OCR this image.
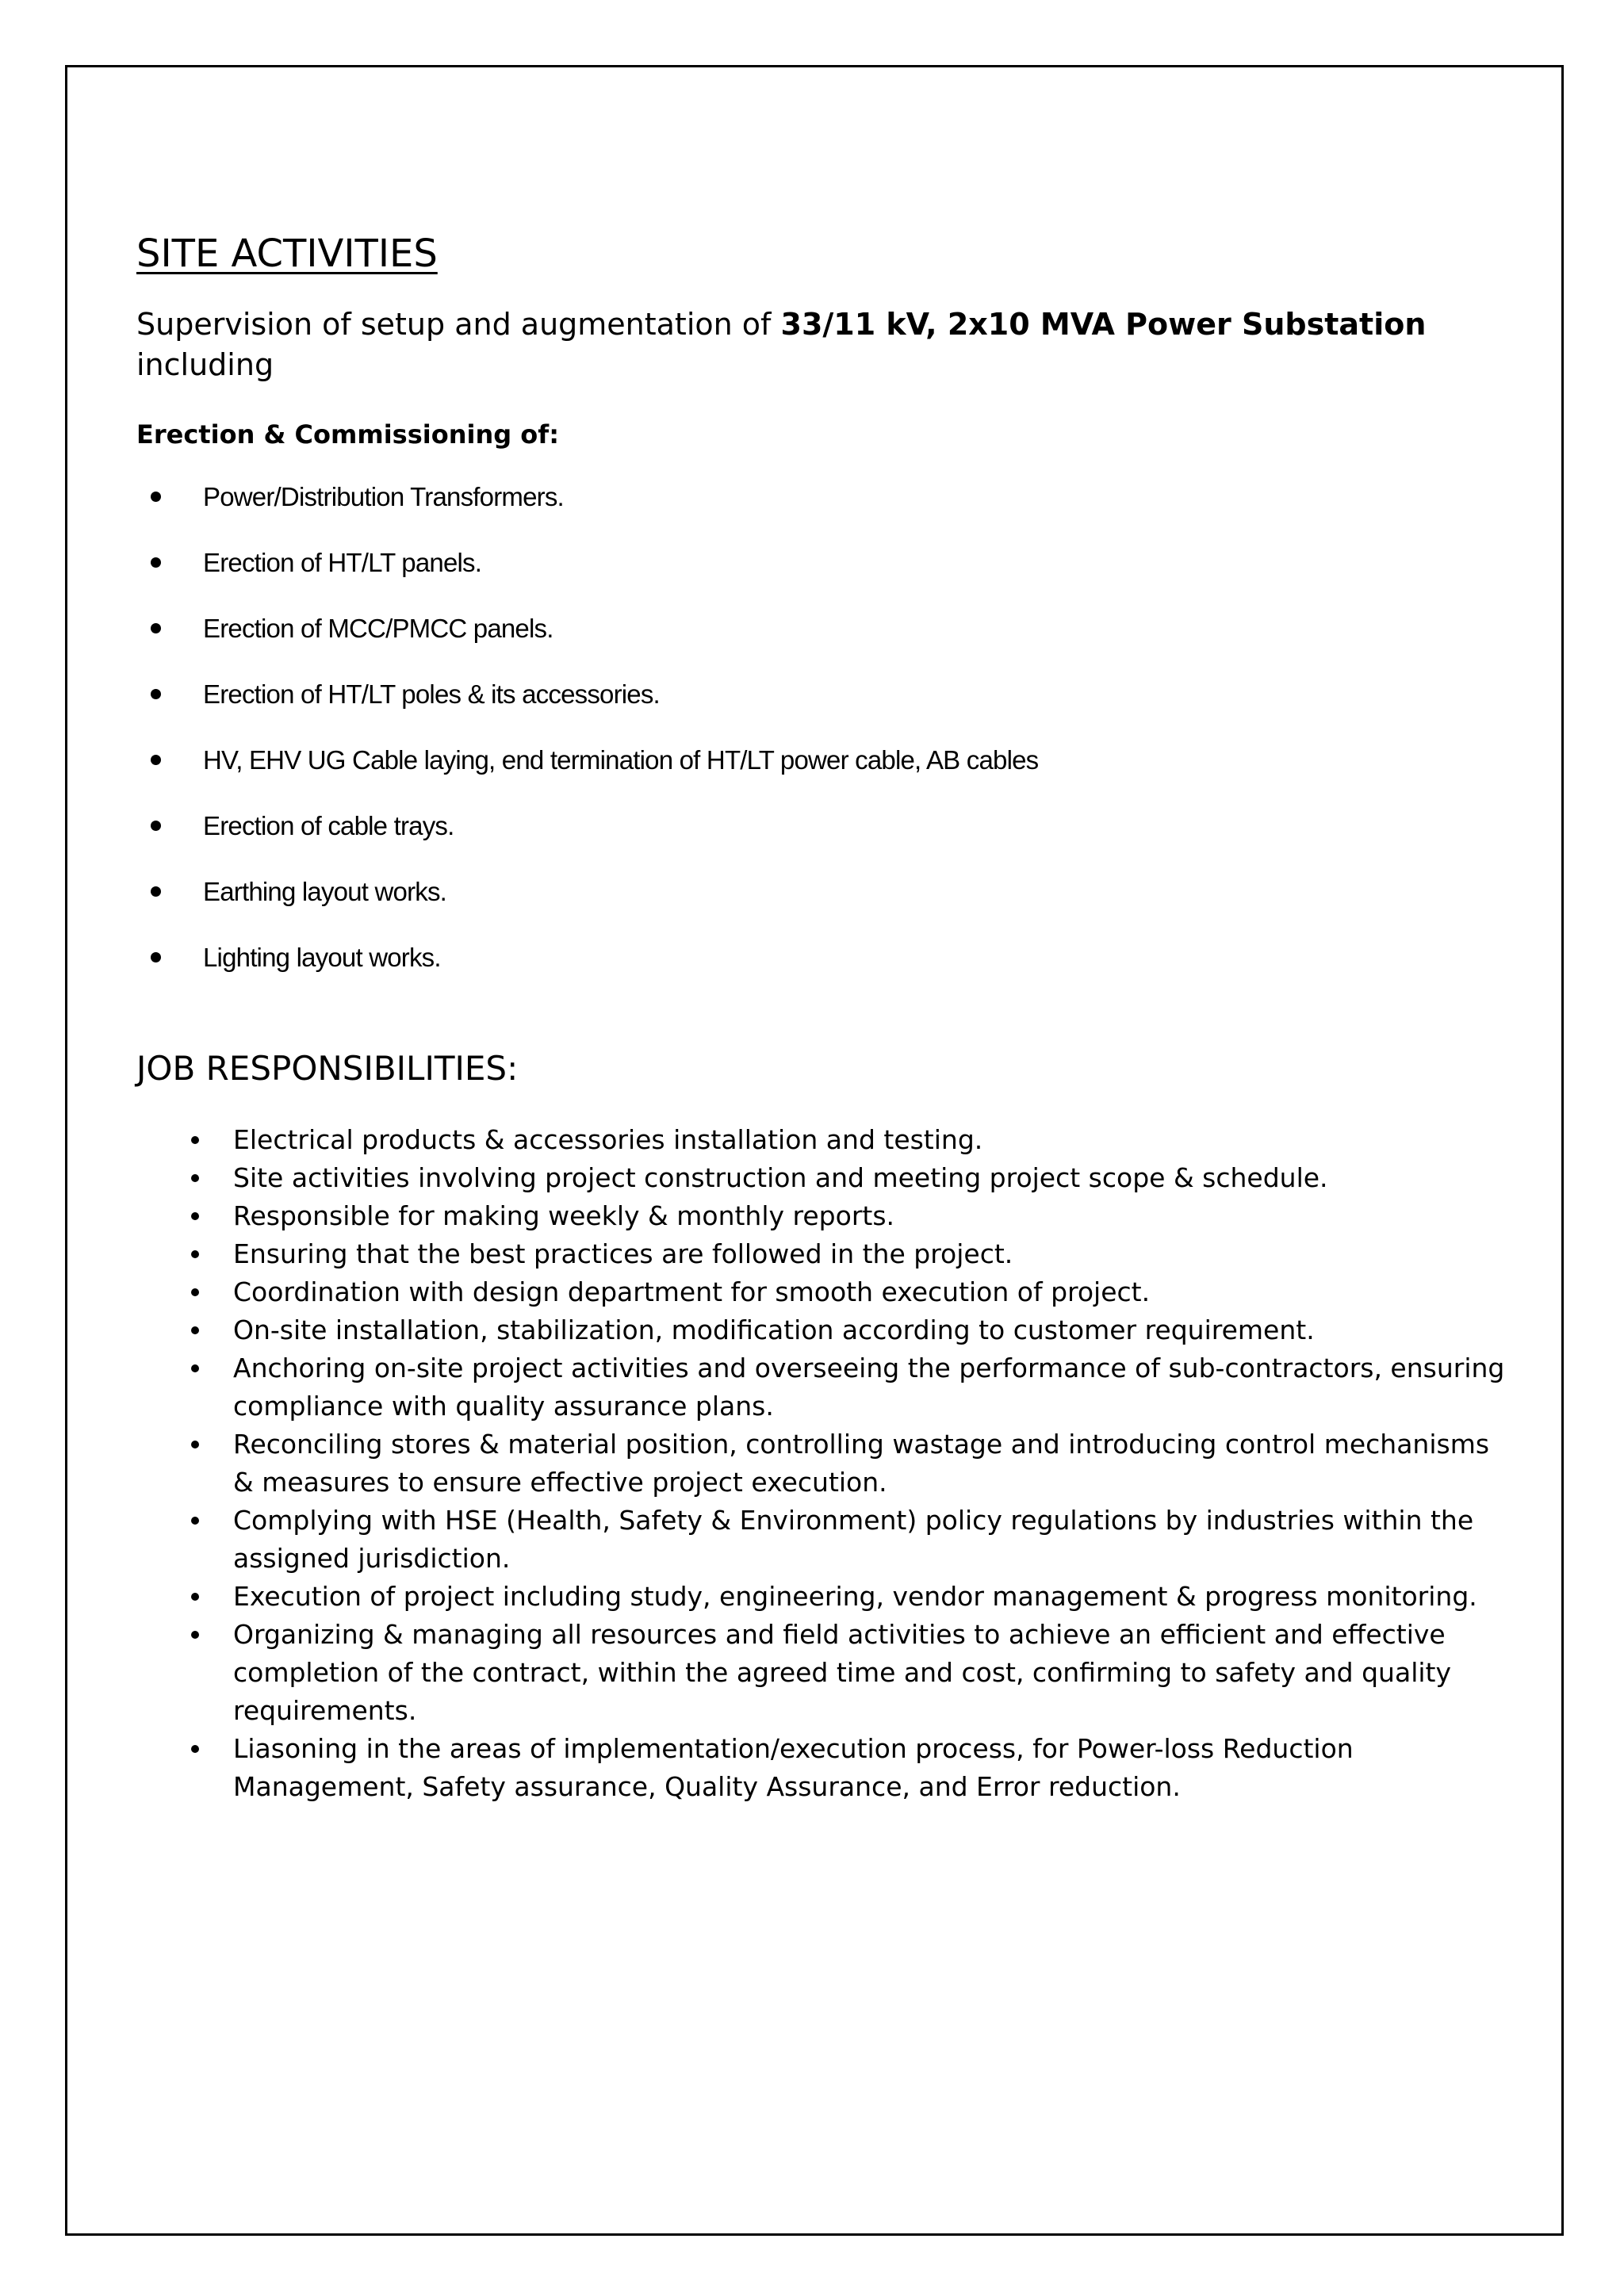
SITE ACTIVITIES

Supervision of setup and augmentation of 33/11 kV, 2x10 MVA Power Substation
including

Erection & Commissioning of:

Power/Distribution Transformers.
Erection of HT/LT panels.
Erection of MCC/PMCC panels.
Erection of HT/LT poles & its accessories.
HV, EHV UG Cable laying, end termination of HT/LT power cable, AB cables
Erection of cable trays.
Earthing layout works.
Lighting layout works.
JOB RESPONSIBILITIES:
Electrical products & accessories installation and testing.
Site activities involving project construction and meeting project scope & schedule.
Responsible for making weekly & monthly reports.
Ensuring that the best practices are followed in the project.
Coordination with design department for smooth execution of project.
On-site installation, stabilization, modification according to customer requirement.
Anchoring on-site project activities and overseeing the performance of sub-contractors, ensuring compliance with quality assurance plans.
Reconciling stores & material position, controlling wastage and introducing control mechanisms & measures to ensure effective project execution.
Complying with HSE (Health, Safety & Environment) policy regulations by industries within the assigned jurisdiction.
Execution of project including study, engineering, vendor management & progress monitoring.
Organizing & managing all resources and field activities to achieve an efficient and effective completion of the contract, within the agreed time and cost, confirming to safety and quality requirements.
Liasoning in the areas of implementation/execution process, for Power-loss Reduction Management, Safety assurance, Quality Assurance, and Error reduction.
